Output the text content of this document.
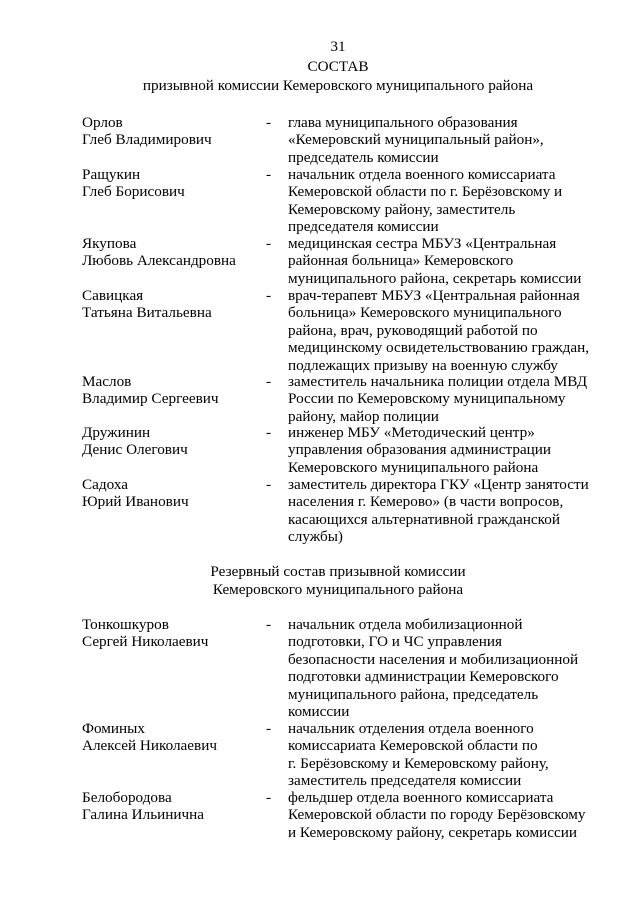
31
СОСТАВ
призывной комиссии Кемеровского муниципального района
Орлов
Глеб Владимирович
- глава муниципального образования
«Кемеровский муниципальный район»,
председатель комиссии
Ращукин
Глеб Борисович
- начальник отдела военного комиссариата
Кемеровской области по г. Берёзовскому и
Кемеровскому району, заместитель
председателя комиссии
Якупова
Любовь Александровна
- медицинская сестра МБУЗ «Центральная
районная больница» Кемеровского
муниципального района, секретарь комиссии
Савицкая
Татьяна Витальевна
- врач-терапевт МБУЗ «Центральная районная
больница» Кемеровского муниципального
района, врач, руководящий работой по
медицинскому освидетельствованию граждан,
подлежащих призыву на военную службу
Маслов
Владимир Сергеевич
- заместитель начальника полиции отдела МВД
России по Кемеровскому муниципальному
району, майор полиции
Дружинин
Денис Олегович
- инженер МБУ «Методический центр»
управления образования администрации
Кемеровского муниципального района
Садоха
Юрий Иванович
- заместитель директора ГКУ «Центр занятости
населения г. Кемерово» (в части вопросов,
касающихся альтернативной гражданской
службы)
Резервный состав призывной комиссии
Кемеровского муниципального района
Тонкошкуров
Сергей Николаевич
- начальник отдела мобилизационной
подготовки, ГО и ЧС управления
безопасности населения и мобилизационной
подготовки администрации Кемеровского
муниципального района, председатель
комиссии
Фоминых
Алексей Николаевич
- начальник отделения отдела военного
комиссариата Кемеровской области по
г. Берёзовскому и Кемеровскому району,
заместитель председателя комиссии
Белобородова
Галина Ильинична
- фельдшер отдела военного комиссариата
Кемеровской области по городу Берёзовскому
и Кемеровскому району, секретарь комиссии
